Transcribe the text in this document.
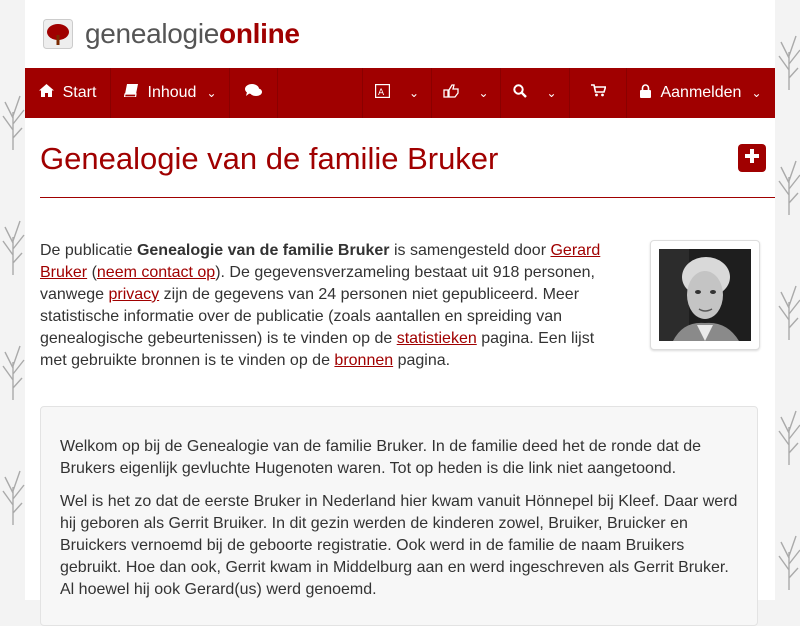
genealogieonline
Start	Inhoud ⌄	A ⌄	⌄	⌄	Aanmelden ⌄
Genealogie van de familie Bruker
De publicatie Genealogie van de familie Bruker is samengesteld door Gerard Bruker (neem contact op). De gegevensverzameling bestaat uit 918 personen, vanwege privacy zijn de gegevens van 24 personen niet gepubliceerd. Meer statistische informatie over de publicatie (zoals aantallen en spreiding van genealogische gebeurtenissen) is te vinden op de statistieken pagina. Een lijst met gebruikte bronnen is te vinden op de bronnen pagina.

Welkom op bij de Genealogie van de familie Bruker. In de familie deed het de ronde dat de Brukers eigenlijk gevluchte Hugenoten waren. Tot op heden is die link niet aangetoond.

Wel is het zo dat de eerste Bruker in Nederland hier kwam vanuit Hönnepel bij Kleef. Daar werd hij geboren als Gerrit Bruiker. In dit gezin werden de kinderen zowel, Bruiker, Bruicker en Bruickers vernoemd bij de geboorte registratie. Ook werd in de familie de naam Bruikers gebruikt. Hoe dan ook, Gerrit kwam in Middelburg aan en werd ingeschreven als Gerrit Bruker. Al hoewel hij ook Gerard(us) werd genoemd.
